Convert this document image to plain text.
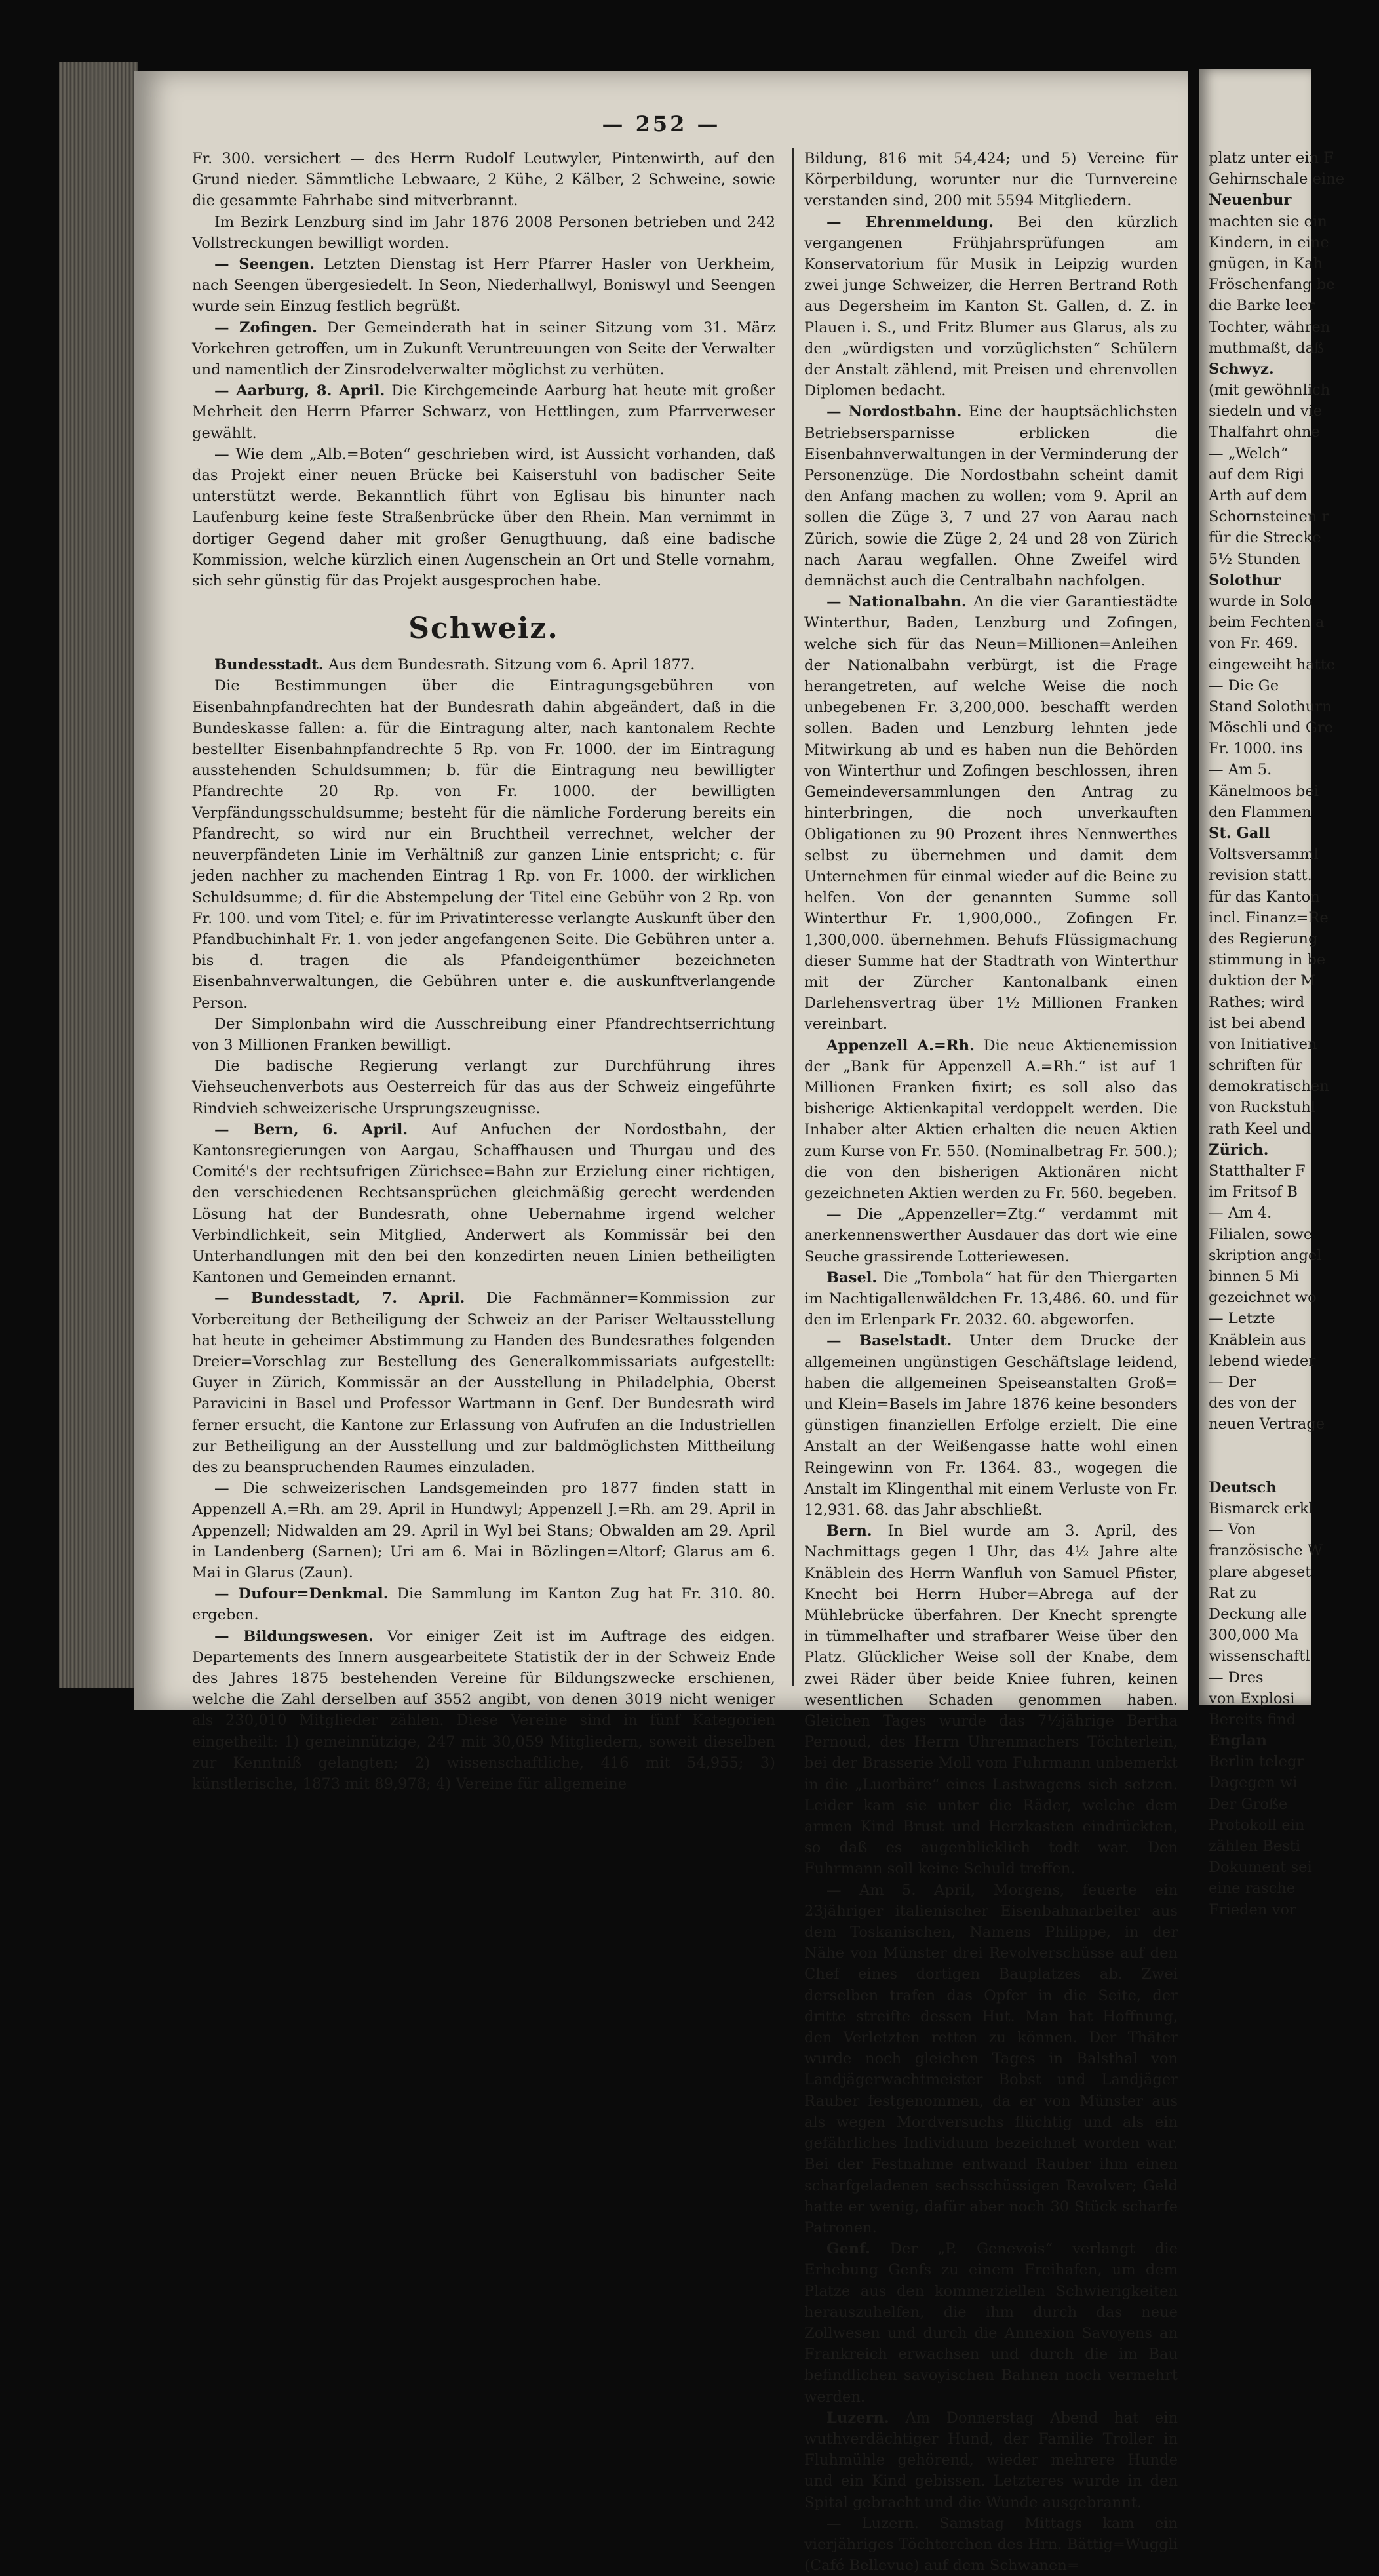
— 252 —

Fr. 300. versichert — des Herrn Rudolf Leutwyler, Pintenwirth, auf den Grund nieder. Sämmtliche Lebwaare, 2 Kühe, 2 Kälber, 2 Schweine, sowie die gesammte Fahrhabe sind mitverbrannt.

Im Bezirk Lenzburg sind im Jahr 1876 2008 Personen betrieben und 242 Vollstreckungen bewilligt worden.

— Seengen. Letzten Dienstag ist Herr Pfarrer Hasler von Uerkheim, nach Seengen übergesiedelt. In Seon, Niederhallwyl, Boniswyl und Seengen wurde sein Einzug festlich begrüßt.

— Zofingen. Der Gemeinderath hat in seiner Sitzung vom 31. März Vorkehren getroffen, um in Zukunft Veruntreuungen von Seite der Verwalter und namentlich der Zinsrodelverwalter möglichst zu verhüten.

— Aarburg, 8. April. Die Kirchgemeinde Aarburg hat heute mit großer Mehrheit den Herrn Pfarrer Schwarz, von Hettlingen, zum Pfarrverweser gewählt.

— Wie dem „Alb.=Boten“ geschrieben wird, ist Aussicht vorhanden, daß das Projekt einer neuen Brücke bei Kaiserstuhl von badischer Seite unterstützt werde. Bekanntlich führt von Eglisau bis hinunter nach Laufenburg keine feste Straßenbrücke über den Rhein. Man vernimmt in dortiger Gegend daher mit großer Genugthuung, daß eine badische Kommission, welche kürzlich einen Augenschein an Ort und Stelle vornahm, sich sehr günstig für das Projekt ausgesprochen habe.

Schweiz.

Bundesstadt. Aus dem Bundesrath. Sitzung vom 6. April 1877.

Die Bestimmungen über die Eintragungsgebühren von Eisenbahnpfandrechten hat der Bundesrath dahin abgeändert, daß in die Bundeskasse fallen: a. für die Eintragung alter, nach kantonalem Rechte bestellter Eisenbahnpfandrechte 5 Rp. von Fr. 1000. der im Eintragung ausstehenden Schuldsummen; b. für die Eintragung neu bewilligter Pfandrechte 20 Rp. von Fr. 1000. der bewilligten Verpfändungsschuldsumme; besteht für die nämliche Forderung bereits ein Pfandrecht, so wird nur ein Bruchtheil verrechnet, welcher der neuverpfändeten Linie im Verhältniß zur ganzen Linie entspricht; c. für jeden nachher zu machenden Eintrag 1 Rp. von Fr. 1000. der wirklichen Schuldsumme; d. für die Abstempelung der Titel eine Gebühr von 2 Rp. von Fr. 100. und vom Titel; e. für im Privatinteresse verlangte Auskunft über den Pfandbuchinhalt Fr. 1. von jeder angefangenen Seite. Die Gebühren unter a. bis d. tragen die als Pfandeigenthümer bezeichneten Eisenbahnverwaltungen, die Gebühren unter e. die auskunftverlangende Person.

Der Simplonbahn wird die Ausschreibung einer Pfandrechtserrichtung von 3 Millionen Franken bewilligt.

Die badische Regierung verlangt zur Durchführung ihres Viehseuchenverbots aus Oesterreich für das aus der Schweiz eingeführte Rindvieh schweizerische Ursprungszeugnisse.

— Bern, 6. April. Auf Anfuchen der Nordostbahn, der Kantonsregierungen von Aargau, Schaffhausen und Thurgau und des Comité's der rechtsufrigen Zürichsee=Bahn zur Erzielung einer richtigen, den verschiedenen Rechtsansprüchen gleichmäßig gerecht werdenden Lösung hat der Bundesrath, ohne Uebernahme irgend welcher Verbindlichkeit, sein Mitglied, Anderwert als Kommissär bei den Unterhandlungen mit den bei den konzedirten neuen Linien betheiligten Kantonen und Gemeinden ernannt.

— Bundesstadt, 7. April. Die Fachmänner=Kommission zur Vorbereitung der Betheiligung der Schweiz an der Pariser Weltausstellung hat heute in geheimer Abstimmung zu Handen des Bundesrathes folgenden Dreier=Vorschlag zur Bestellung des Generalkommissariats aufgestellt: Guyer in Zürich, Kommissär an der Ausstellung in Philadelphia, Oberst Paravicini in Basel und Professor Wartmann in Genf. Der Bundesrath wird ferner ersucht, die Kantone zur Erlassung von Aufrufen an die Industriellen zur Betheiligung an der Ausstellung und zur baldmöglichsten Mittheilung des zu beanspruchenden Raumes einzuladen.

— Die schweizerischen Landsgemeinden pro 1877 finden statt in Appenzell A.=Rh. am 29. April in Hundwyl; Appenzell J.=Rh. am 29. April in Appenzell; Nidwalden am 29. April in Wyl bei Stans; Obwalden am 29. April in Landenberg (Sarnen); Uri am 6. Mai in Bözlingen=Altorf; Glarus am 6. Mai in Glarus (Zaun).

— Dufour=Denkmal. Die Sammlung im Kanton Zug hat Fr. 310. 80. ergeben.

— Bildungswesen. Vor einiger Zeit ist im Auftrage des eidgen. Departements des Innern ausgearbeitete Statistik der in der Schweiz Ende des Jahres 1875 bestehenden Vereine für Bildungszwecke erschienen, welche die Zahl derselben auf 3552 angibt, von denen 3019 nicht weniger als 230,010 Mitglieder zählen. Diese Vereine sind in fünf Kategorien eingetheilt: 1) gemeinnützige, 247 mit 30,059 Mitgliedern, soweit dieselben zur Kenntniß gelangten; 2) wissenschaftliche, 416 mit 54,955; 3) künstlerische, 1873 mit 89,978; 4) Vereine für allgemeine

Bildung, 816 mit 54,424; und 5) Vereine für Körperbildung, worunter nur die Turnvereine verstanden sind, 200 mit 5594 Mitgliedern.

— Ehrenmeldung. Bei den kürzlich vergangenen Frühjahrsprüfungen am Konservatorium für Musik in Leipzig wurden zwei junge Schweizer, die Herren Bertrand Roth aus Degersheim im Kanton St. Gallen, d. Z. in Plauen i. S., und Fritz Blumer aus Glarus, als zu den „würdigsten und vorzüglichsten“ Schülern der Anstalt zählend, mit Preisen und ehrenvollen Diplomen bedacht.

— Nordostbahn. Eine der hauptsächlichsten Betriebsersparnisse erblicken die Eisenbahnverwaltungen in der Verminderung der Personenzüge. Die Nordostbahn scheint damit den Anfang machen zu wollen; vom 9. April an sollen die Züge 3, 7 und 27 von Aarau nach Zürich, sowie die Züge 2, 24 und 28 von Zürich nach Aarau wegfallen. Ohne Zweifel wird demnächst auch die Centralbahn nachfolgen.

— Nationalbahn. An die vier Garantiestädte Winterthur, Baden, Lenzburg und Zofingen, welche sich für das Neun=Millionen=Anleihen der Nationalbahn verbürgt, ist die Frage herangetreten, auf welche Weise die noch unbegebenen Fr. 3,200,000. beschafft werden sollen. Baden und Lenzburg lehnten jede Mitwirkung ab und es haben nun die Behörden von Winterthur und Zofingen beschlossen, ihren Gemeindeversammlungen den Antrag zu hinterbringen, die noch unverkauften Obligationen zu 90 Prozent ihres Nennwerthes selbst zu übernehmen und damit dem Unternehmen für einmal wieder auf die Beine zu helfen. Von der genannten Summe soll Winterthur Fr. 1,900,000., Zofingen Fr. 1,300,000. übernehmen. Behufs Flüssigmachung dieser Summe hat der Stadtrath von Winterthur mit der Zürcher Kantonalbank einen Darlehensvertrag über 1½ Millionen Franken vereinbart.

Appenzell A.=Rh. Die neue Aktienemission der „Bank für Appenzell A.=Rh.“ ist auf 1 Millionen Franken fixirt; es soll also das bisherige Aktienkapital verdoppelt werden. Die Inhaber alter Aktien erhalten die neuen Aktien zum Kurse von Fr. 550. (Nominalbetrag Fr. 500.); die von den bisherigen Aktionären nicht gezeichneten Aktien werden zu Fr. 560. begeben.

— Die „Appenzeller=Ztg.“ verdammt mit anerkennenswerther Ausdauer das dort wie eine Seuche grassirende Lotteriewesen.

Basel. Die „Tombola“ hat für den Thiergarten im Nachtigallenwäldchen Fr. 13,486. 60. und für den im Erlenpark Fr. 2032. 60. abgeworfen.

— Baselstadt. Unter dem Drucke der allgemeinen ungünstigen Geschäftslage leidend, haben die allgemeinen Speiseanstalten Groß= und Klein=Basels im Jahre 1876 keine besonders günstigen finanziellen Erfolge erzielt. Die eine Anstalt an der Weißengasse hatte wohl einen Reingewinn von Fr. 1364. 83., wogegen die Anstalt im Klingenthal mit einem Verluste von Fr. 12,931. 68. das Jahr abschließt.

Bern. In Biel wurde am 3. April, des Nachmittags gegen 1 Uhr, das 4½ Jahre alte Knäblein des Herrn Wanfluh von Samuel Pfister, Knecht bei Herrn Huber=Abrega auf der Mühlebrücke überfahren. Der Knecht sprengte in tümmelhafter und strafbarer Weise über den Platz. Glücklicher Weise soll der Knabe, dem zwei Räder über beide Kniee fuhren, keinen wesentlichen Schaden genommen haben. Gleichen Tages wurde das 7½jährige Bertha Pernoud, des Herrn Uhrenmachers Töchterlein, bei der Brasserie Moll vom Fuhrmann unbemerkt in die „Luorbäre“ eines Lastwagens sich setzen. Leider kam sie unter die Räder, welche dem armen Kind Brust und Herzkasten eindrückten, so daß es augenblicklich todt war. Den Fuhrmann soll keine Schuld treffen.

— Am 5. April, Morgens, feuerte ein 23jähriger italienischer Eisenbahnarbeiter aus dem Toskanischen, Namens Philippe, in der Nähe von Münster drei Revolverschüsse auf den Chef eines dortigen Bauplatzes ab. Zwei derselben trafen das Opfer in die Seite, der dritte streifte dessen Hut. Man hat Hoffnung, den Verletzten retten zu können. Der Thäter wurde noch gleichen Tages in Balsthal von Landjägerwachtmeister Bobst und Landjäger Rauber festgenommen, da er von Münster aus als wegen Mordversuchs flüchtig und als ein gefährliches Individuum bezeichnet worden war. Bei der Festnahme entwand Rauber ihm einen scharfgeladenen sechsschüssigen Revolver; Geld hatte er wenig, dafür aber noch 30 Stück scharfe Patronen.

Genf. Der „P. Genevois“ verlangt die Erhebung Genfs zu einem Freihafen, um dem Platze aus den kommerziellen Schwierigkeiten herauszuhelfen, die ihm durch das neue Zollwesen und durch die Annexion Savoyens an Frankreich erwachsen und durch die im Bau befindlichen savoyischen Bahnen noch vermehrt werden.

Luzern. Am Donnerstag Abend hat ein wuthverdächtiger Hund, der Familie Troller in Fluhmühle gehörend, wieder mehrere Hunde und ein Kind gebissen. Letzteres wurde in den Spital gebracht und die Wunde ausgebrannt.

— Luzern. Samstag Mittags kam ein vierjähriges Töchterchen des Hrn. Bättig=Wuggli (Café Bellevue) auf dem Schwanen=

platz unter ein F
Gehirnschale eine
Neuenbur
machten sie ein
Kindern, in eine
gnügen, in Kah
Fröschenfang be
die Barke leer
Tochter, währen
muthmaßt, daß
Schwyz.
(mit gewöhnlich
siedeln und vie
Thalfahrt ohne
— „Welch“
auf dem Rigi
Arth auf dem
Schornsteinen r
für die Strecke
5½ Stunden
Solothur
wurde in Solo
beim Fechten a
von Fr. 469.
eingeweiht hatte
— Die Ge
Stand Solothurn
Möschli und Gre
Fr. 1000. ins
— Am 5.
Känelmoos bei
den Flammen
St. Gall
Voltsversamml
revision statt.
für das Kanton
incl. Finanz=Re
des Regierung
stimmung in be
duktion der M
Rathes; wird
ist bei abend
von Initiativen
schriften für
demokratischen
von Ruckstuhl
rath Keel und
Zürich.
Statthalter F
im Fritsof B
— Am 4.
Filialen, sowe
skription angel
binnen 5 Mi
gezeichnet wo
— Letzte
Knäblein aus
lebend wieder
— Der
des von der
neuen Vertrage
Deutsch
Bismarck erkl
— Von
französische W
plare abgeset
Rat zu
Deckung alle
300,000 Ma
wissenschaftl
— Dres
von Explosi
Bereits find
Englan
Berlin telegr
Dagegen wi
Der Große
Protokoll ein
zählen Besti
Dokument sei
eine rasche
Frieden vor
